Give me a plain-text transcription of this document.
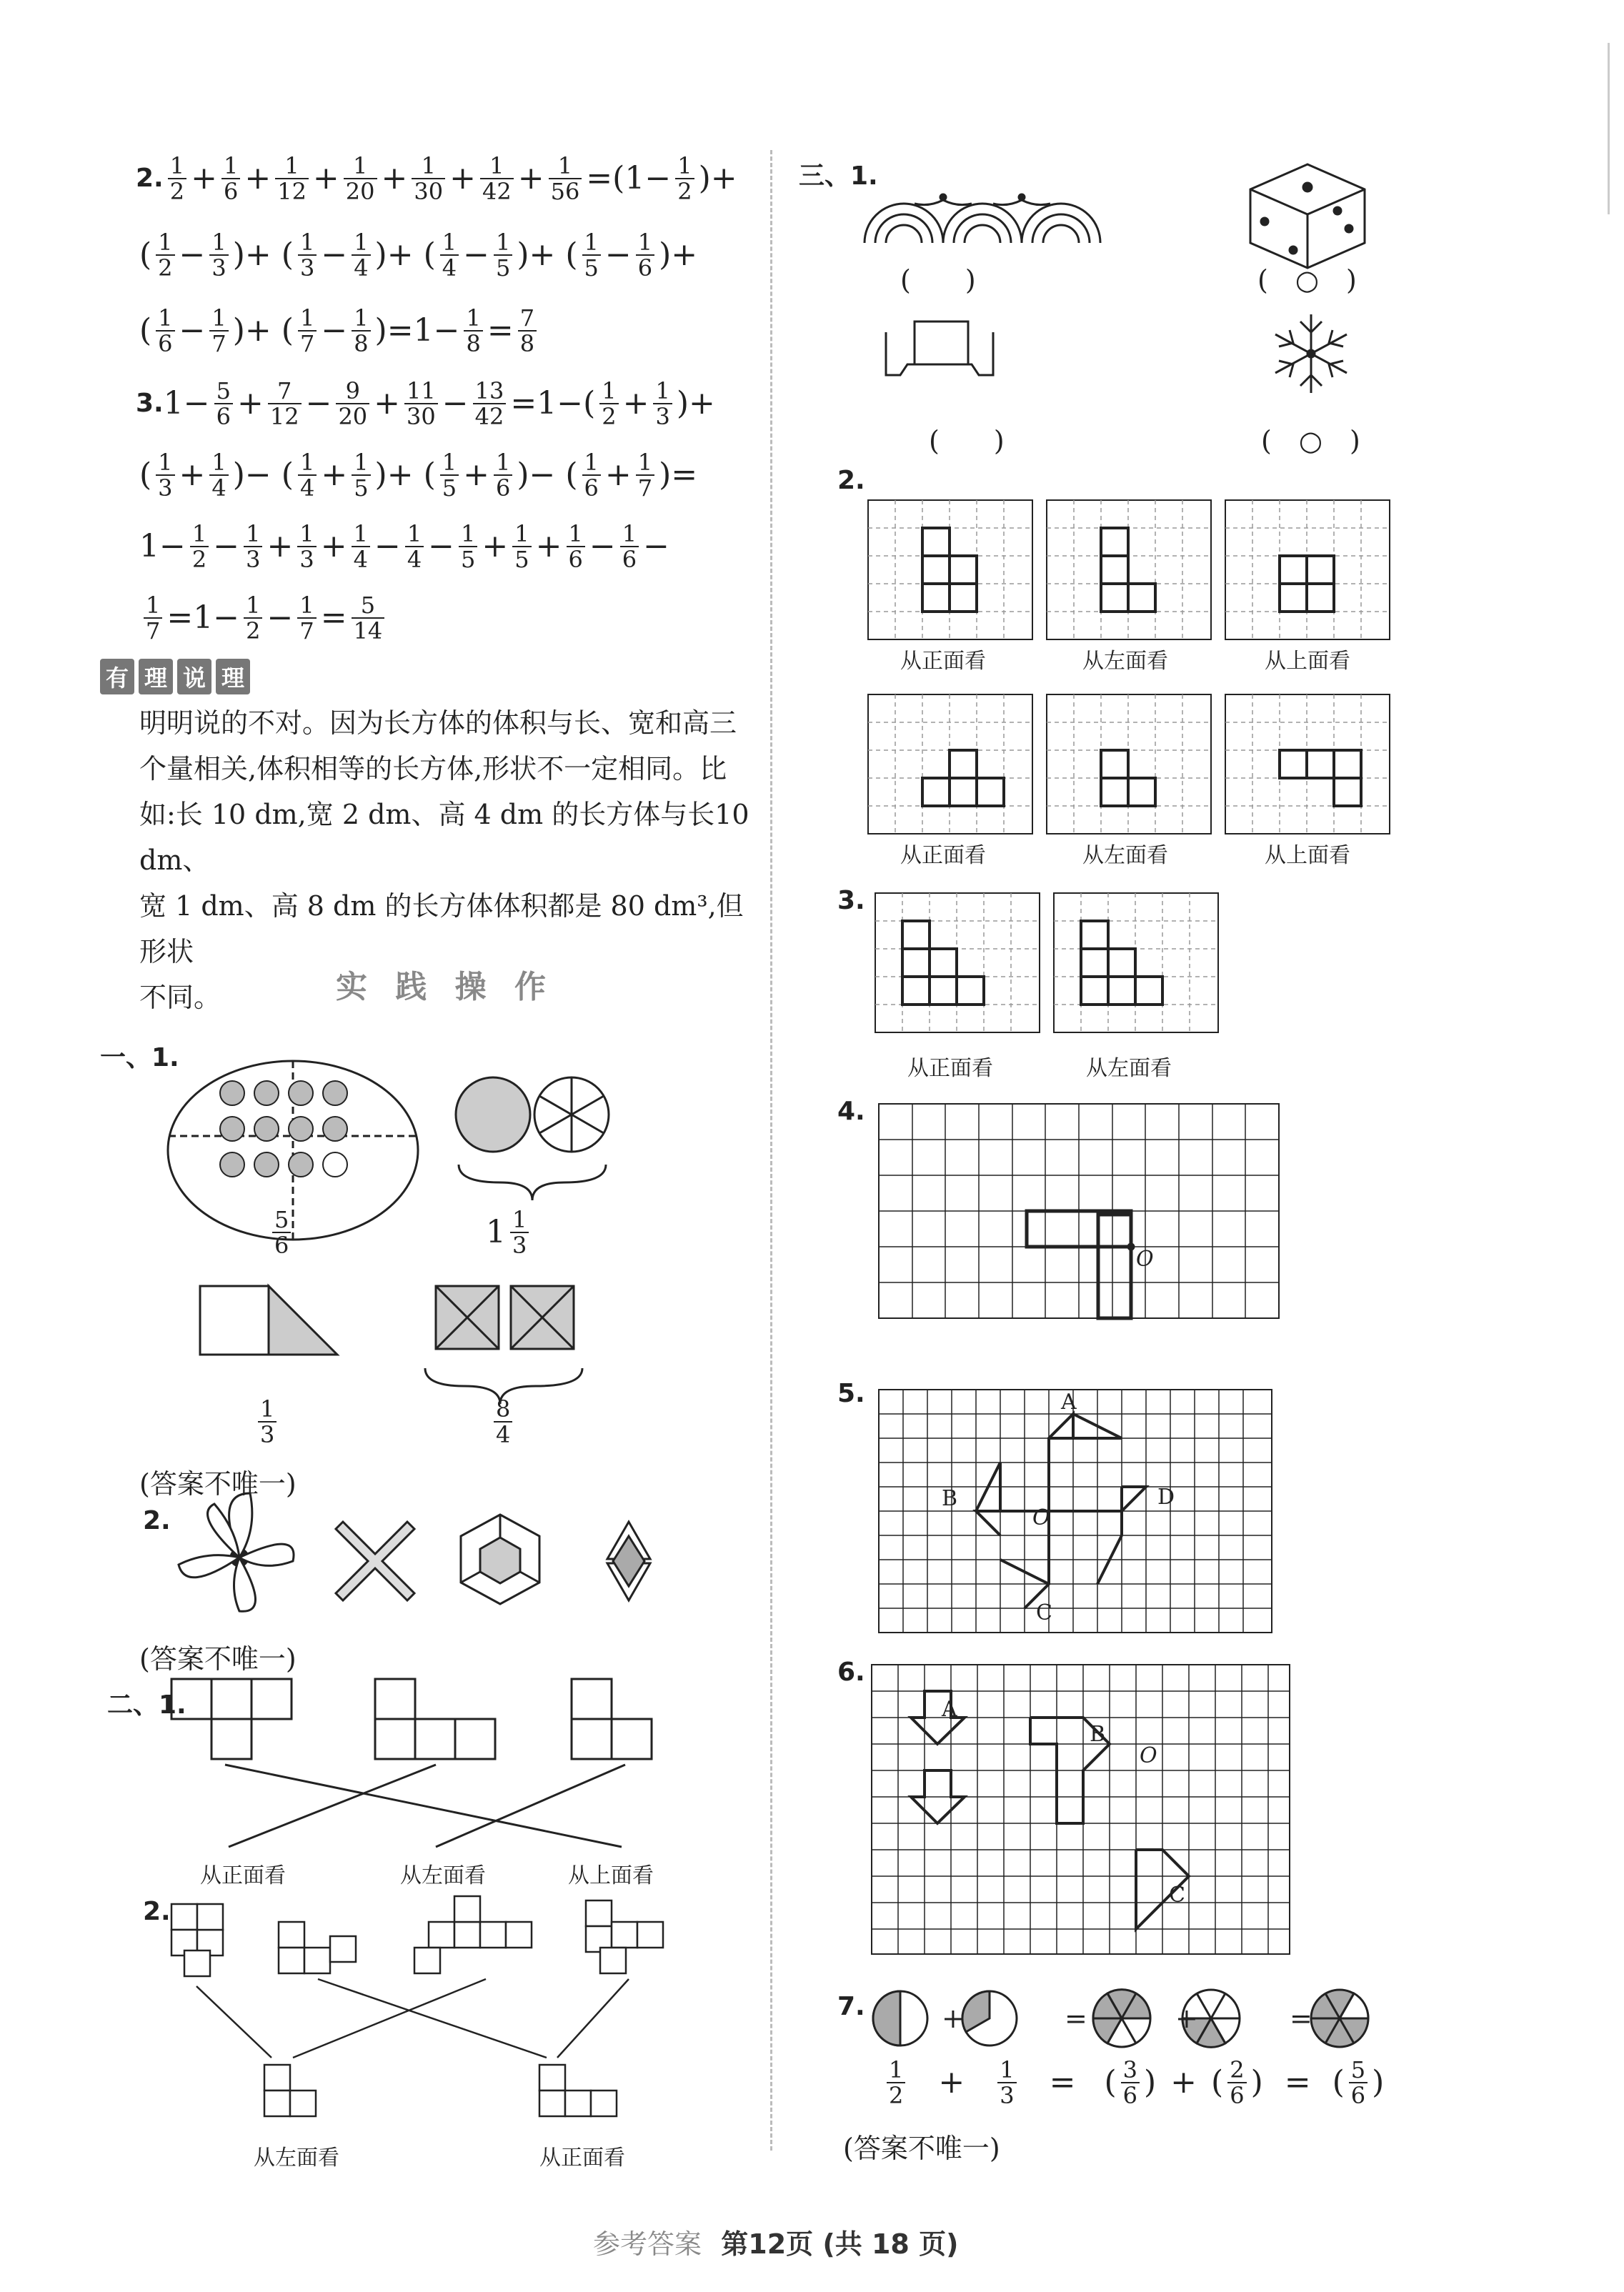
2. $\frac{1}{2} + \frac{1}{6} + \frac{1}{12} + \frac{1}{20} + \frac{1}{30} + \frac{1}{42} + \frac{1}{56} =(1- \frac{1}{2}$ )+
( $\frac{1}{2} - \frac{1}{3}$ )+ ( $\frac{1}{3} - \frac{1}{4}$ )+ ( $\frac{1}{4} - \frac{1}{5}$ )+ ( $\frac{1}{5} - \frac{1}{6}$ )+
( $\frac{1}{6} - \frac{1}{7}$ )+ ( $\frac{1}{7} - \frac{1}{8} )=1- \frac{1}{8} = \frac{7}{8}$
3. $1- \frac{5}{6} + \frac{7}{12} - \frac{9}{20} + \frac{11}{30} - \frac{13}{42} =1-( \frac{1}{2} + \frac{1}{3}$ )+
( $\frac{1}{3} + \frac{1}{4}$ )− ( $\frac{1}{4} + \frac{1}{5}$ )+ ( $\frac{1}{5} + \frac{1}{6}$ )− ( $\frac{1}{6} + \frac{1}{7}$ )=
$1- \frac{1}{2} - \frac{1}{3} + \frac{1}{3} + \frac{1}{4} - \frac{1}{4} - \frac{1}{5} + \frac{1}{5} + \frac{1}{6} - \frac{1}{6}$ −
$\frac{1}{7} =1- \frac{1}{2} - \frac{1}{7} = \frac{5}{14}$
有 理 说 理
明明说的不对。因为长方体的体积与长、宽和高三
个量相关,体积相等的长方体,形状不一定相同。比
如:长 10 dm,宽 2 dm、高 4 dm 的长方体与长10 dm、
宽 1 dm、高 8 dm 的长方体体积都是 80 dm³,但形状
不同。	实 践 操 作
一、1.
$\frac{5}{6}$	$1 \frac{1}{3}$
$\frac{1}{3}$	$\frac{8}{4}$
(答案不唯一)
2.
(答案不唯一)
二、1.
从正面看	从左面看	从上面看
2.
从左面看	从正面看
三、1.
(　　)	(　○　)
(　　)	(　○　)
2.
从正面看	从左面看	从上面看
从正面看	从左面看	从上面看
3.
从正面看	从左面看
4.
O
5.	A
B
C
D
O
6.
A
B
O
C
7.	+	=	+	=
$\frac{1}{2} + \frac{1}{3}$ = ( $\frac{3}{6}$ ) + ( $\frac{2}{6}$ ) = ( $\frac{5}{6}$ )
(答案不唯一)
参考答案 第12页 (共 18 页)
